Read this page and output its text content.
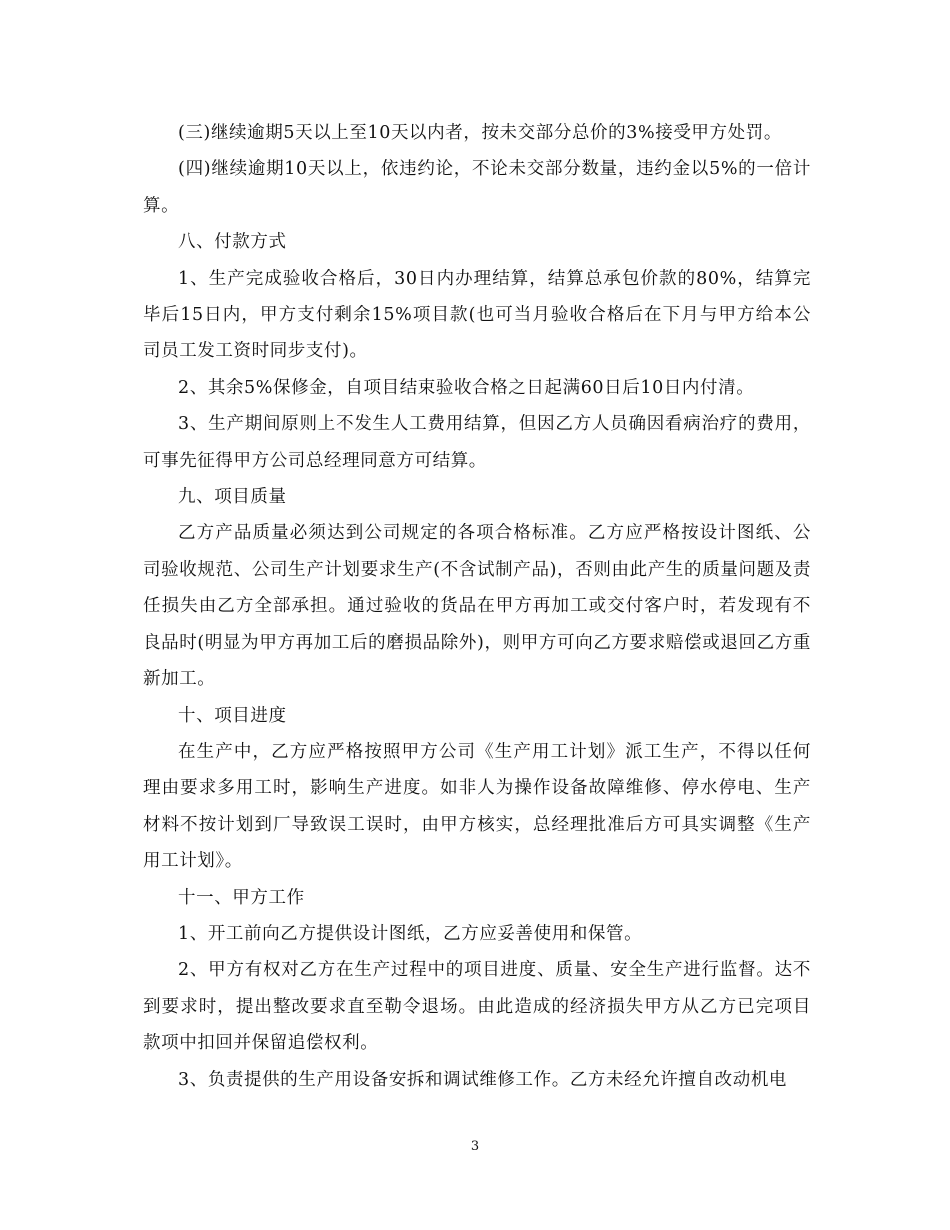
(三)继续逾期5天以上至10天以内者，按未交部分总价的3%接受甲方处罚。

(四)继续逾期10天以上，依违约论，不论未交部分数量，违约金以5%的一倍计算。

八、付款方式

1、生产完成验收合格后，30日内办理结算，结算总承包价款的80%，结算完毕后15日内，甲方支付剩余15%项目款(也可当月验收合格后在下月与甲方给本公司员工发工资时同步支付)。

2、其余5%保修金，自项目结束验收合格之日起满60日后10日内付清。

3、生产期间原则上不发生人工费用结算，但因乙方人员确因看病治疗的费用，可事先征得甲方公司总经理同意方可结算。

九、项目质量

乙方产品质量必须达到公司规定的各项合格标准。乙方应严格按设计图纸、公司验收规范、公司生产计划要求生产(不含试制产品)，否则由此产生的质量问题及责任损失由乙方全部承担。通过验收的货品在甲方再加工或交付客户时，若发现有不良品时(明显为甲方再加工后的磨损品除外)，则甲方可向乙方要求赔偿或退回乙方重新加工。

十、项目进度

在生产中，乙方应严格按照甲方公司《生产用工计划》派工生产，不得以任何理由要求多用工时，影响生产进度。如非人为操作设备故障维修、停水停电、生产材料不按计划到厂导致误工误时，由甲方核实，总经理批准后方可具实调整《生产用工计划》。

十一、甲方工作

1、开工前向乙方提供设计图纸，乙方应妥善使用和保管。

2、甲方有权对乙方在生产过程中的项目进度、质量、安全生产进行监督。达不到要求时，提出整改要求直至勒令退场。由此造成的经济损失甲方从乙方已完项目款项中扣回并保留追偿权利。

3、负责提供的生产用设备安拆和调试维修工作。乙方未经允许擅自改动机电

3
